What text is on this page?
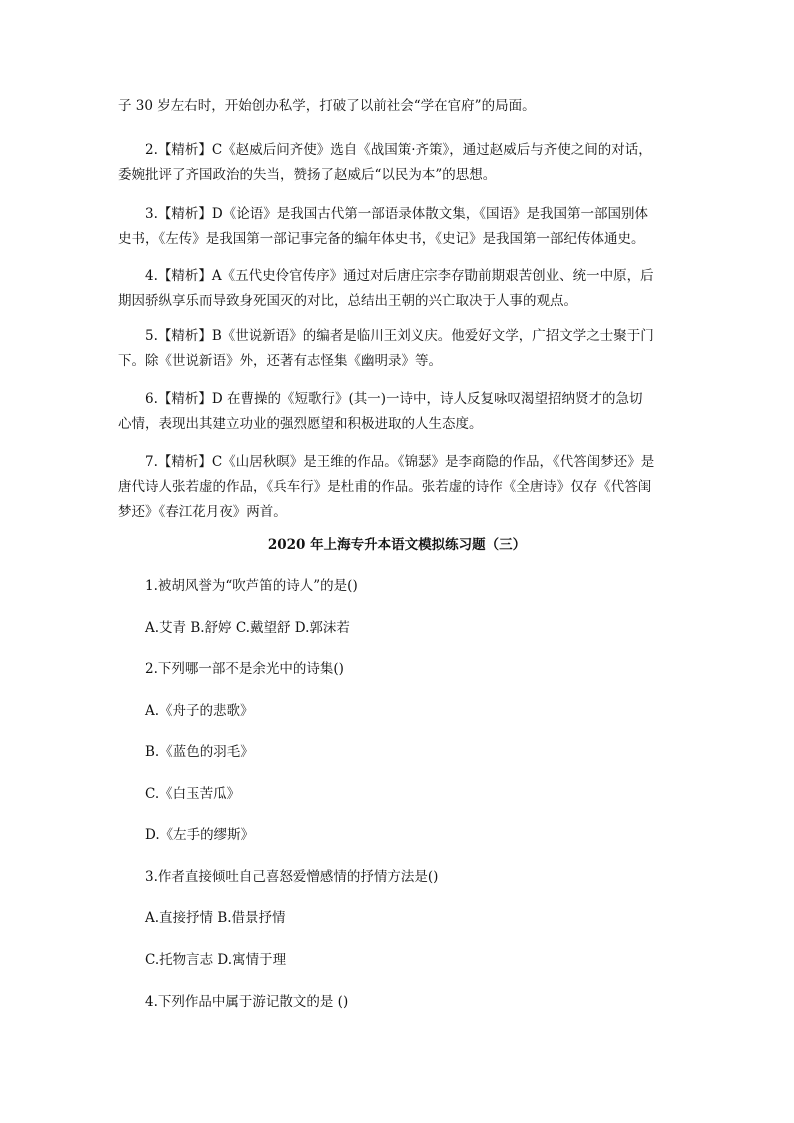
子 30 岁左右时，开始创办私学，打破了以前社会“学在官府”的局面。

　　2.【精析】C《赵威后问齐使》选自《战国策·齐策》，通过赵威后与齐使之间的对话，

委婉批评了齐国政治的失当，赞扬了赵威后“以民为本”的思想。

　　3.【精析】D《论语》是我国古代第一部语录体散文集，《国语》是我国第一部国别体

史书，《左传》是我国第一部记事完备的编年体史书，《史记》是我国第一部纪传体通史。

　　4.【精析】A《五代史伶官传序》通过对后唐庄宗李存勖前期艰苦创业、统一中原，后

期因骄纵享乐而导致身死国灭的对比，总结出王朝的兴亡取决于人事的观点。

　　5.【精析】B《世说新语》的编者是临川王刘义庆。他爱好文学，广招文学之士聚于门

下。除《世说新语》外，还著有志怪集《幽明录》等。

　　6.【精析】D 在曹操的《短歌行》(其一)一诗中，诗人反复咏叹渴望招纳贤才的急切

心情，表现出其建立功业的强烈愿望和积极进取的人生态度。

　　7.【精析】C《山居秋暝》是王维的作品。《锦瑟》是李商隐的作品，《代答闺梦还》是

唐代诗人张若虚的作品，《兵车行》是杜甫的作品。张若虚的诗作《全唐诗》仅存《代答闺

梦还》《春江花月夜》两首。

2020 年上海专升本语文模拟练习题（三）
　　1.被胡风誉为“吹芦笛的诗人”的是()
　　A.艾青 B.舒婷 C.戴望舒 D.郭沫若
　　2.下列哪一部不是余光中的诗集()
　　A.《舟子的悲歌》
　　B.《蓝色的羽毛》
　　C.《白玉苦瓜》
　　D.《左手的缪斯》
　　3.作者直接倾吐自己喜怒爱憎感情的抒情方法是()
　　A.直接抒情 B.借景抒情
　　C.托物言志 D.寓情于理
　　4.下列作品中属于游记散文的是 ()
